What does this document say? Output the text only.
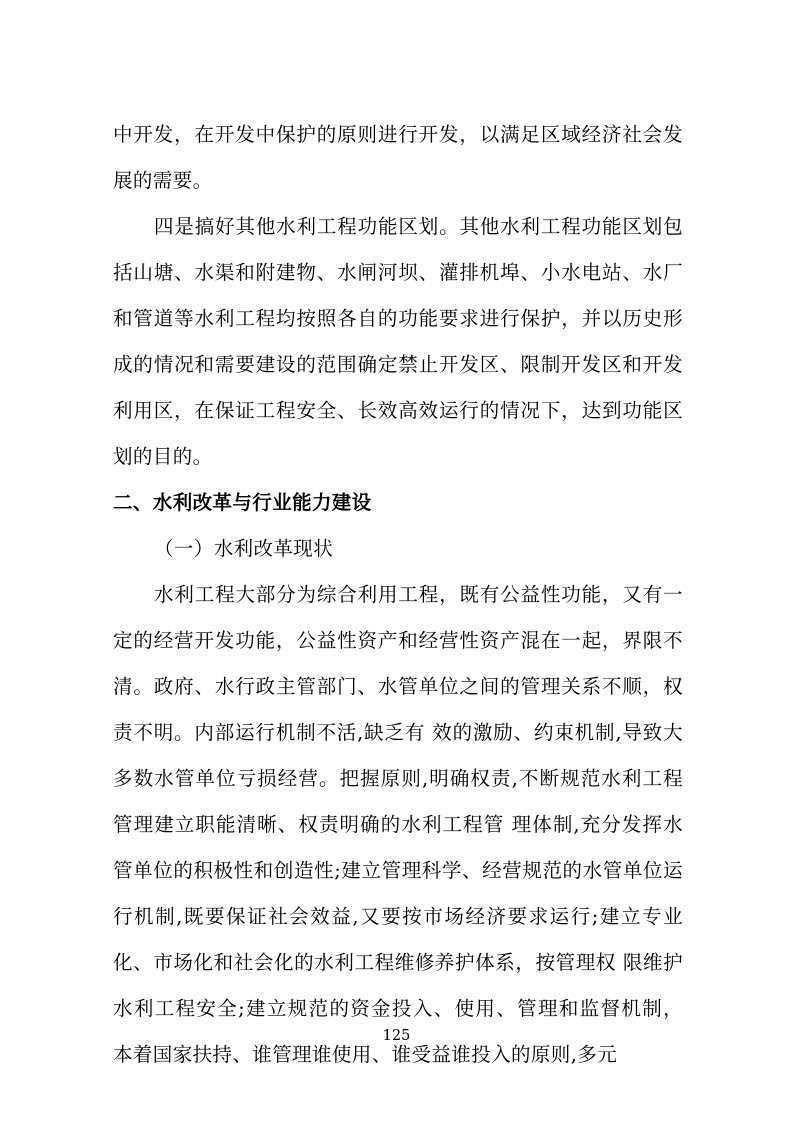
中开发，在开发中保护的原则进行开发，以满足区域经济社会发展的需要。

四是搞好其他水利工程功能区划。其他水利工程功能区划包括山塘、水渠和附建物、水闸河坝、灌排机埠、小水电站、水厂和管道等水利工程均按照各自的功能要求进行保护，并以历史形成的情况和需要建设的范围确定禁止开发区、限制开发区和开发利用区，在保证工程安全、长效高效运行的情况下，达到功能区划的目的。

二、水利改革与行业能力建设

（一）水利改革现状

水利工程大部分为综合利用工程，既有公益性功能，又有一定的经营开发功能，公益性资产和经营性资产混在一起，界限不清。政府、水行政主管部门、水管单位之间的管理关系不顺，权责不明。内部运行机制不活,缺乏有 效的激励、约束机制,导致大多数水管单位亏损经营。把握原则,明确权责,不断规范水利工程管理建立职能清晰、权责明确的水利工程管 理体制,充分发挥水管单位的积极性和创造性;建立管理科学、经营规范的水管单位运行机制,既要保证社会效益,又要按市场经济要求运行;建立专业化、市场化和社会化的水利工程维修养护体系，按管理权 限维护水利工程安全;建立规范的资金投入、使用、管理和监督机制， 本着国家扶持、谁管理谁使用、谁受益谁投入的原则,多元

125
